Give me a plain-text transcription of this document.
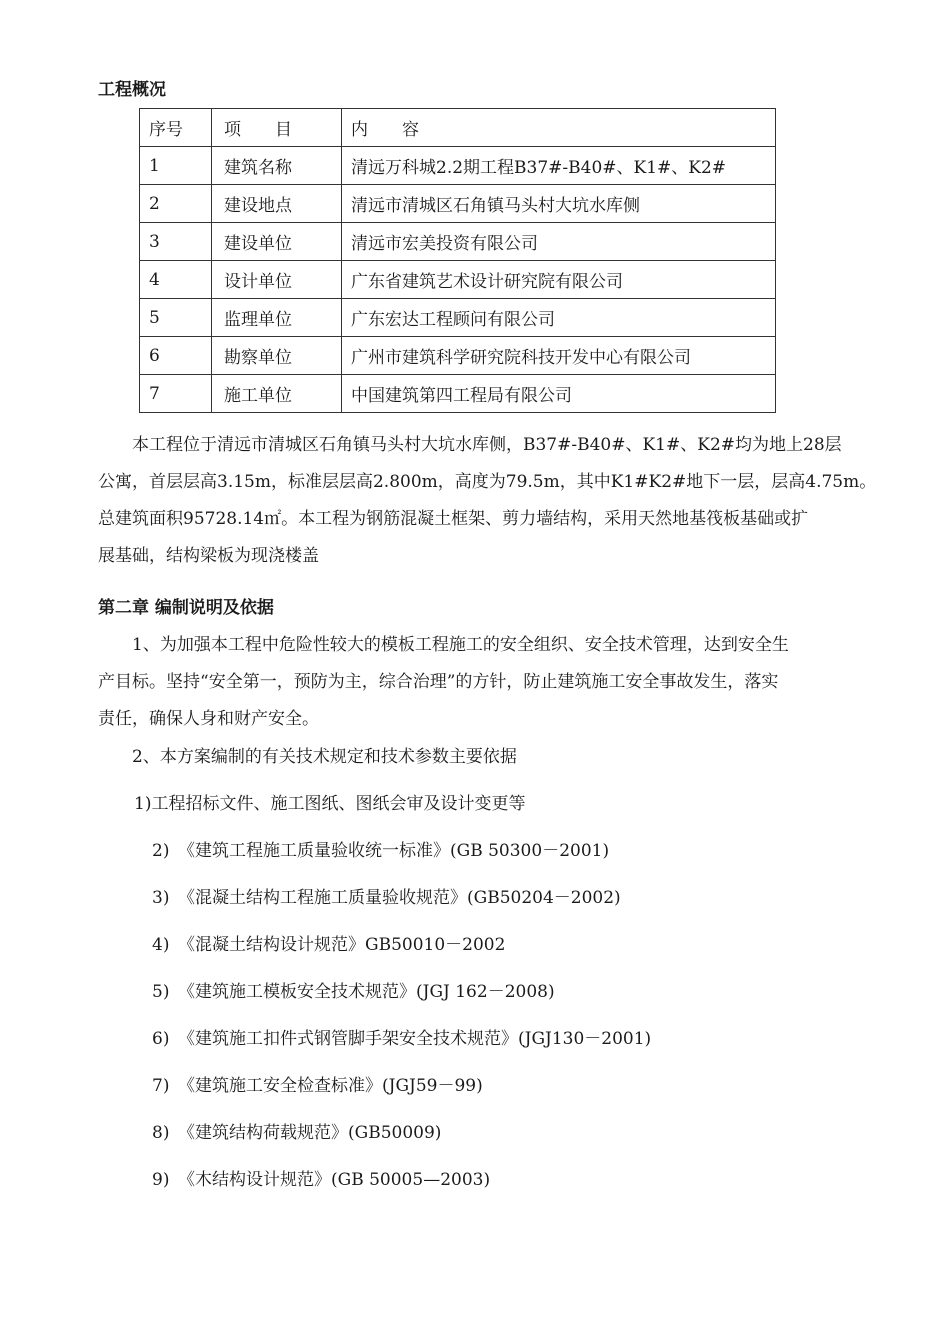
工程概况
序号	项　　目	内　　容
1	建筑名称	清远万科城2.2期工程B37#-B40#、K1#、K2#
2	建设地点	清远市清城区石角镇马头村大坑水库侧
3	建设单位	清远市宏美投资有限公司
4	设计单位	广东省建筑艺术设计研究院有限公司
5	监理单位	广东宏达工程顾问有限公司
6	勘察单位	广州市建筑科学研究院科技开发中心有限公司
7	施工单位	中国建筑第四工程局有限公司
　　本工程位于清远市清城区石角镇马头村大坑水库侧，B37#-B40#、K1#、K2#均为地上28层
公寓，首层层高3.15m，标准层层高2.800m，高度为79.5m，其中K1#K2#地下一层，层高4.75m。
总建筑面积95728.14㎡。本工程为钢筋混凝土框架、剪力墙结构，采用天然地基筏板基础或扩
展基础，结构梁板为现浇楼盖
第二章 编制说明及依据
　　1、为加强本工程中危险性较大的模板工程施工的安全组织、安全技术管理，达到安全生
产目标。坚持“安全第一，预防为主，综合治理”的方针，防止建筑施工安全事故发生，落实
责任，确保人身和财产安全。
　　2、本方案编制的有关技术规定和技术参数主要依据
1)工程招标文件、施工图纸、图纸会审及设计变更等
2) 《建筑工程施工质量验收统一标准》(GB 50300－2001)
3) 《混凝土结构工程施工质量验收规范》(GB50204－2002)
4) 《混凝土结构设计规范》GB50010－2002
5) 《建筑施工模板安全技术规范》(JGJ 162－2008)
6) 《建筑施工扣件式钢管脚手架安全技术规范》(JGJ130－2001)
7) 《建筑施工安全检查标准》(JGJ59－99)
8) 《建筑结构荷载规范》(GB50009)
9) 《木结构设计规范》(GB 50005—2003)
